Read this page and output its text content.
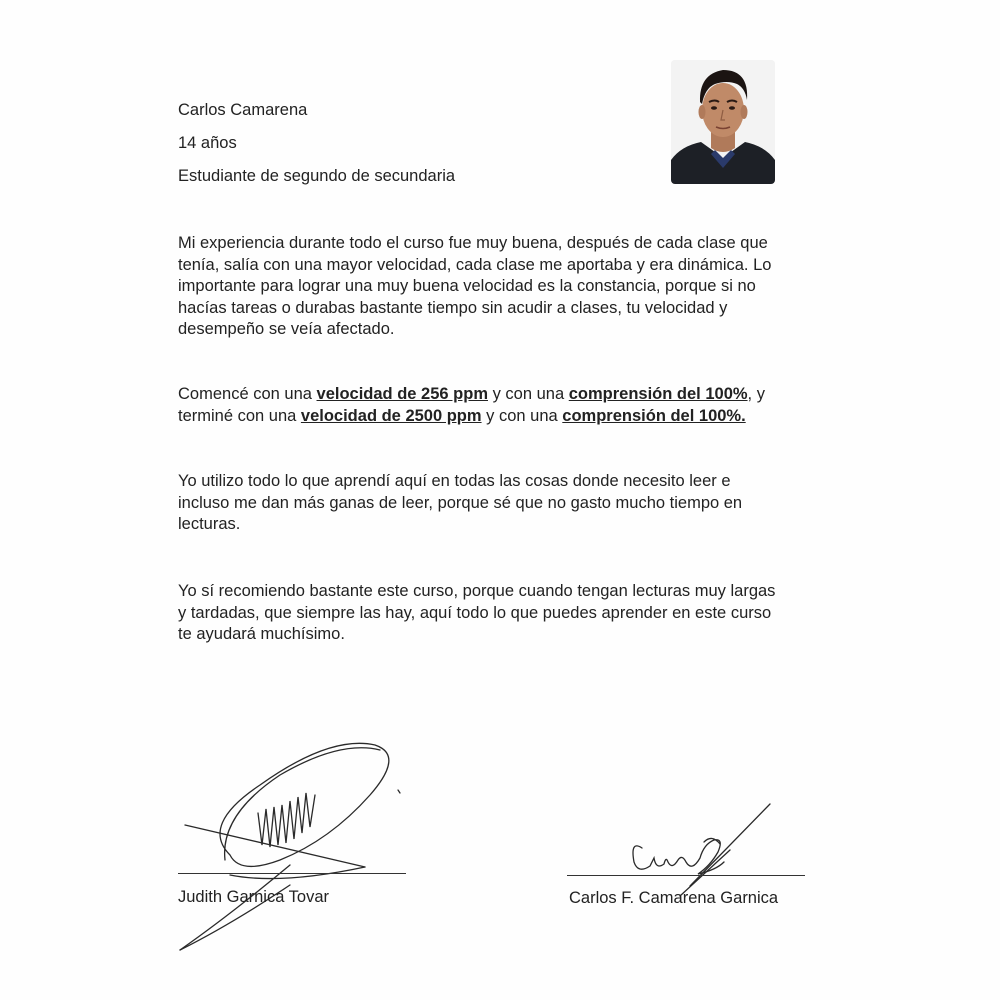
Carlos Camarena
14 años
Estudiante de segundo de secundaria
Mi experiencia durante todo el curso fue muy buena, después de cada clase que
tenía, salía con una mayor velocidad, cada clase me aportaba y era dinámica. Lo
importante para lograr una muy buena velocidad es la constancia, porque si no
hacías tareas o durabas bastante tiempo sin acudir a clases, tu velocidad y
desempeño se veía afectado.
Comencé con una velocidad de 256 ppm y con una comprensión del 100%, y
terminé con una velocidad de 2500 ppm y con una comprensión del 100%.
Yo utilizo todo lo que aprendí aquí en todas las cosas donde necesito leer e
incluso me dan más ganas de leer, porque sé que no gasto mucho tiempo en
lecturas.
Yo sí recomiendo bastante este curso, porque cuando tengan lecturas muy largas
y tardadas, que siempre las hay, aquí todo lo que puedes aprender en este curso
te ayudará muchísimo.
Judith Garnica Tovar	Carlos F. Camarena Garnica
